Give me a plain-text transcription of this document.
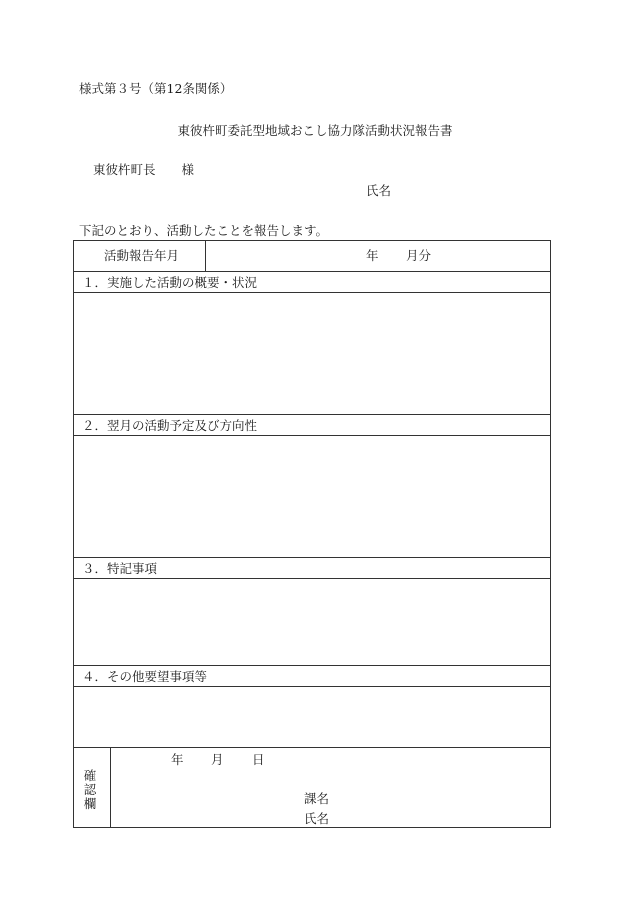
様式第３号（第12条関係）
東彼杵町委託型地域おこし協力隊活動状況報告書
東彼杵町長 様
氏名
下記のとおり、活動したことを報告します。
活動報告年月	年 月分
１．実施した活動の概要・状況
２．翌月の活動予定及び方向性
３．特記事項
４．その他要望事項等
確認欄
年 月 日
課名
氏名
